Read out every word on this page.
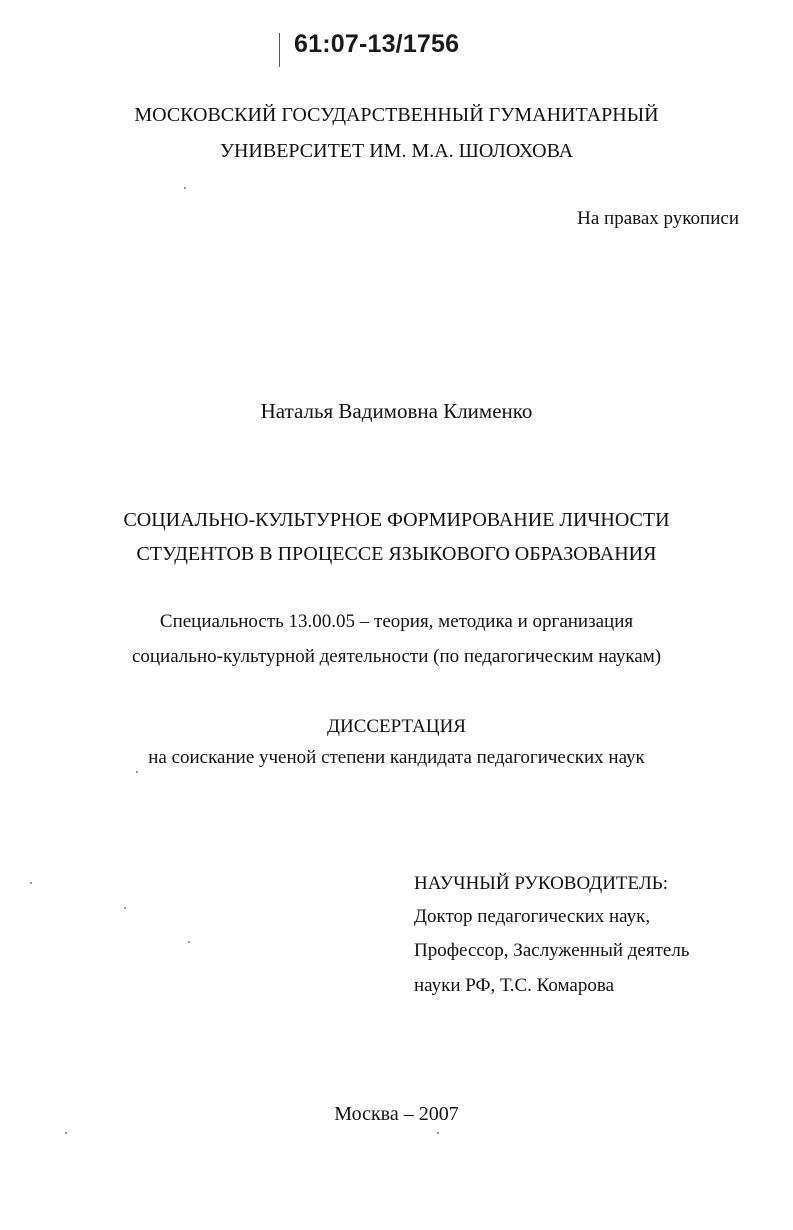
61:07-13/1756
МОСКОВСКИЙ ГОСУДАРСТВЕННЫЙ ГУМАНИТАРНЫЙ
УНИВЕРСИТЕТ ИМ. М.А. ШОЛОХОВА
На правах рукописи
Наталья Вадимовна Клименко
СОЦИАЛЬНО-КУЛЬТУРНОЕ ФОРМИРОВАНИЕ ЛИЧНОСТИ
СТУДЕНТОВ В ПРОЦЕССЕ ЯЗЫКОВОГО ОБРАЗОВАНИЯ
Специальность 13.00.05 – теория, методика и организация
социально-культурной деятельности (по педагогическим наукам)
ДИССЕРТАЦИЯ
на соискание ученой степени кандидата педагогических наук
НАУЧНЫЙ РУКОВОДИТЕЛЬ:
Доктор педагогических наук,
Профессор, Заслуженный деятель
науки РФ, Т.С. Комарова
Москва – 2007
